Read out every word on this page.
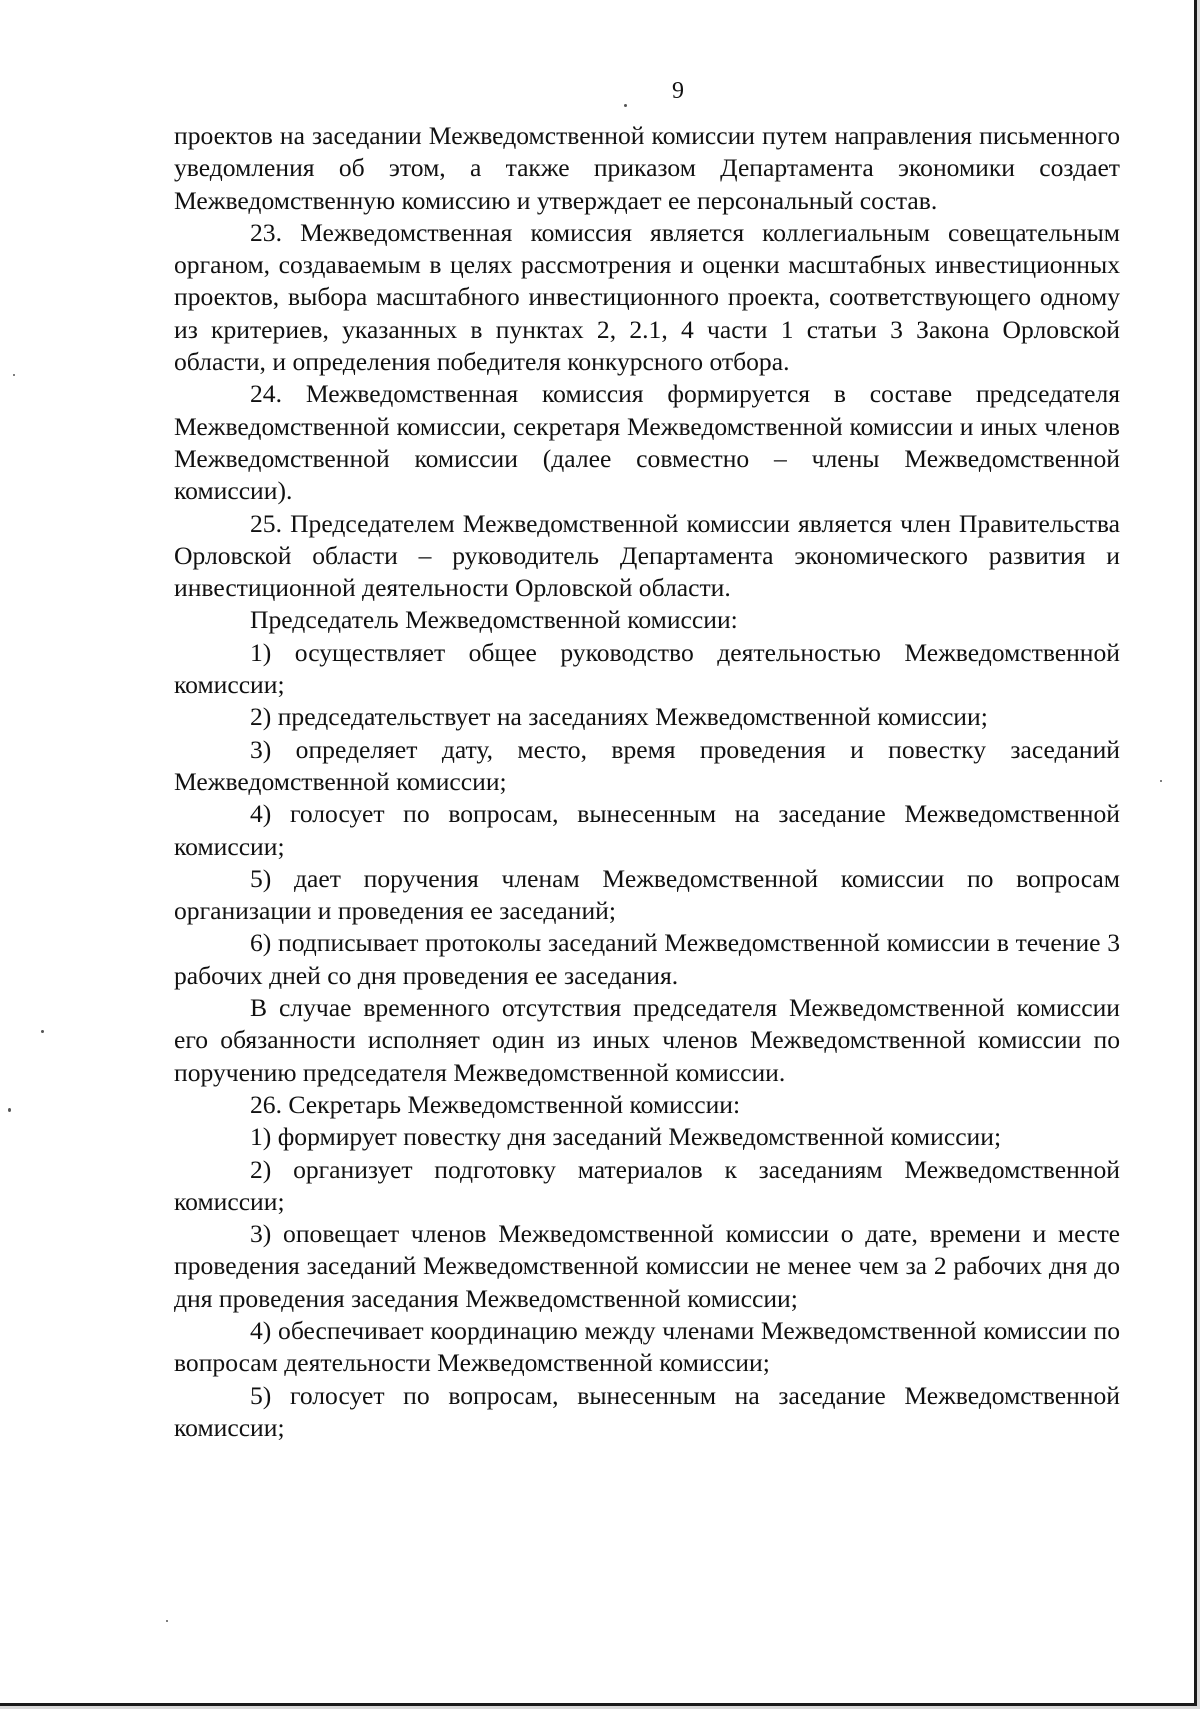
9

проектов на заседании Межведомственной комиссии путем направления письменного уведомления об этом, а также приказом Департамента экономики создает Межведомственную комиссию и утверждает ее персональный состав.

23. Межведомственная комиссия является коллегиальным совещательным органом, создаваемым в целях рассмотрения и оценки масштабных инвестиционных проектов, выбора масштабного инвестиционного проекта, соответствующего одному из критериев, указанных в пунктах 2, 2.1, 4 части 1 статьи 3 Закона Орловской области, и определения победителя конкурсного отбора.

24. Межведомственная комиссия формируется в составе председателя Межведомственной комиссии, секретаря Межведомственной комиссии и иных членов Межведомственной комиссии (далее совместно – члены Межведомственной комиссии).

25. Председателем Межведомственной комиссии является член Правительства Орловской области – руководитель Департамента экономического развития и инвестиционной деятельности Орловской области.

Председатель Межведомственной комиссии:

1) осуществляет общее руководство деятельностью Межведомственной комиссии;

2) председательствует на заседаниях Межведомственной комиссии;

3) определяет дату, место, время проведения и повестку заседаний Межведомственной комиссии;

4) голосует по вопросам, вынесенным на заседание Межведомственной комиссии;

5) дает поручения членам Межведомственной комиссии по вопросам организации и проведения ее заседаний;

6) подписывает протоколы заседаний Межведомственной комиссии в течение 3 рабочих дней со дня проведения ее заседания.

В случае временного отсутствия председателя Межведомственной комиссии его обязанности исполняет один из иных членов Межведомственной комиссии по поручению председателя Межведомственной комиссии.

26. Секретарь Межведомственной комиссии:

1) формирует повестку дня заседаний Межведомственной комиссии;

2) организует подготовку материалов к заседаниям Межведомственной комиссии;

3) оповещает членов Межведомственной комиссии о дате, времени и месте проведения заседаний Межведомственной комиссии не менее чем за 2 рабочих дня до дня проведения заседания Межведомственной комиссии;

4) обеспечивает координацию между членами Межведомственной комиссии по вопросам деятельности Межведомственной комиссии;

5) голосует по вопросам, вынесенным на заседание Межведомственной комиссии;
